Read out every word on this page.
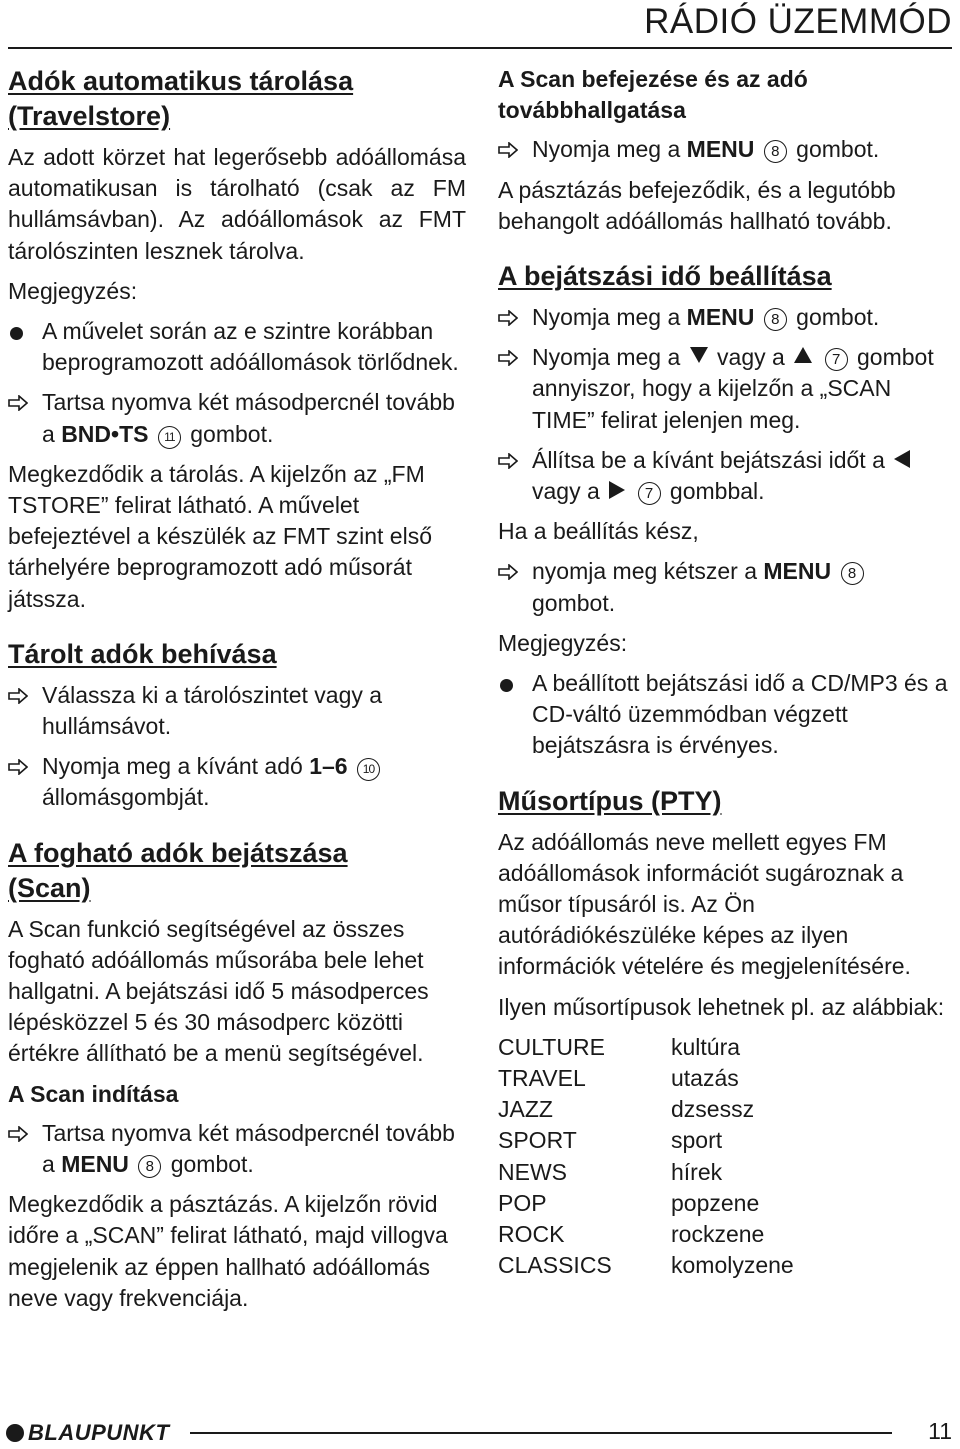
RÁDIÓ ÜZEMMÓD
Adók automatikus tárolása
(Travelstore)
Az adott körzet hat legerősebb adóállomása automatikusan is tárolható (csak az FM hullámsávban). Az adóállomások az FMT tárolószinten lesznek tárolva.
Megjegyzés:
A művelet során az e szintre korábban beprogramozott adóállomások törlődnek.
Tartsa nyomva két másodpercnél tovább a BND•TS 11 gombot.
Megkezdődik a tárolás. A kijelzőn az „FM TSTORE” felirat látható. A művelet befejeztével a készülék az FMT szint első tárhelyére beprogramozott adó műsorát játssza.
Tárolt adók behívása
Válassza ki a tárolószintet vagy a hullámsávot.
Nyomja meg a kívánt adó 1–6 10 állomásgombját.
A fogható adók bejátszása
(Scan)
A Scan funkció segítségével az összes fogható adóállomás műsorába bele lehet hallgatni. A bejátszási idő 5 másodperces lépésközzel 5 és 30 másodperc közötti értékre állítható be a menü segítségével.
A Scan indítása
Tartsa nyomva két másodpercnél tovább a MENU 8 gombot.
Megkezdődik a pásztázás. A kijelzőn rövid időre a „SCAN” felirat látható, majd villogva megjelenik az éppen hallható adóállomás neve vagy frekvenciája.
A Scan befejezése és az adó továbbhallgatása
Nyomja meg a MENU 8 gombot.
A pásztázás befejeződik, és a legutóbb behangolt adóállomás hallható tovább.
A bejátszási idő beállítása
Nyomja meg a MENU 8 gombot.
Nyomja meg a  vagy a	7 gombot annyiszor, hogy a kijelzőn a „SCAN TIME” felirat jelenjen meg.
Állítsa be a kívánt bejátszási időt a  vagy a	7 gombbal.
Ha a beállítás kész,
nyomja meg kétszer a MENU 8 gombot.
Megjegyzés:
A beállított bejátszási idő a CD/MP3 és a CD-váltó üzemmódban végzett bejátszásra is érvényes.
Műsortípus (PTY)
Az adóállomás neve mellett egyes FM adóállomások információt sugároznak a műsor típusáról is. Az Ön autórádiókészüléke képes az ilyen információk vételére és megjelenítésére.
Ilyen műsortípusok lehetnek pl. az alábbiak:
CULTURE	kultúra
TRAVEL	utazás
JAZZ	dzsessz
SPORT	sport
NEWS	hírek
POP	popzene
ROCK	rockzene
CLASSICS	komolyzene
BLAUPUNKT	11
